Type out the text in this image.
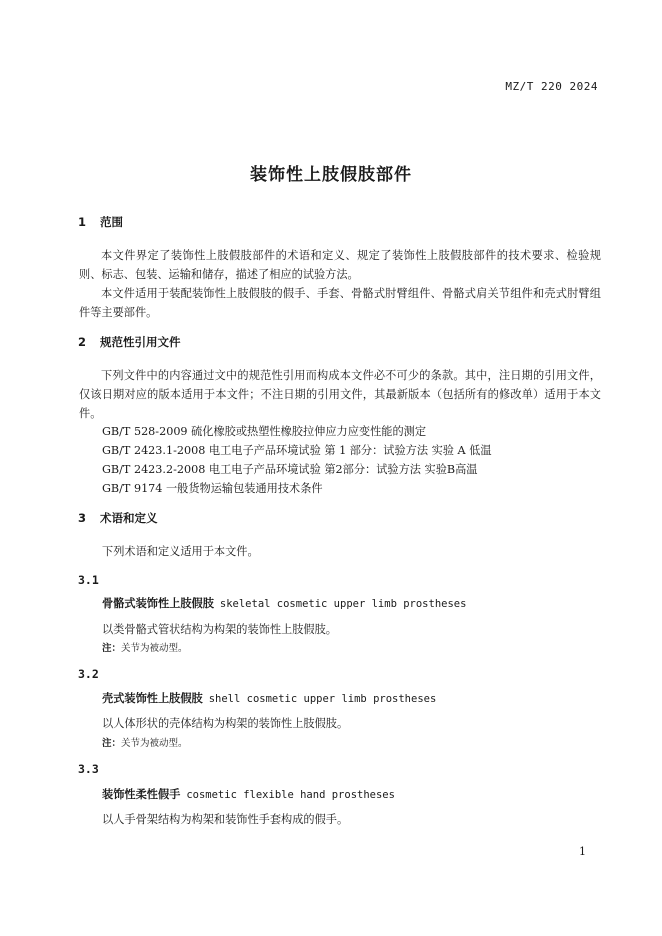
MZ/T 220 2024
装饰性上肢假肢部件
1 范围
本文件界定了装饰性上肢假肢部件的术语和定义、规定了装饰性上肢假肢部件的技术要求、检验规则、标志、包装、运输和储存，描述了相应的试验方法。
本文件适用于装配装饰性上肢假肢的假手、手套、骨骼式肘臂组件、骨骼式肩关节组件和壳式肘臂组件等主要部件。
2 规范性引用文件
下列文件中的内容通过文中的规范性引用而构成本文件必不可少的条款。其中，注日期的引用文件，仅该日期对应的版本适用于本文件；不注日期的引用文件，其最新版本（包括所有的修改单）适用于本文件。
GB/T 528-2009 硫化橡胶或热塑性橡胶拉伸应力应变性能的测定
GB/T 2423.1-2008 电工电子产品环境试验 第 1 部分：试验方法 实验 A 低温
GB/T 2423.2-2008 电工电子产品环境试验 第2部分：试验方法 实验B高温
GB/T 9174 一般货物运输包装通用技术条件
3 术语和定义
下列术语和定义适用于本文件。
3.1
骨骼式装饰性上肢假肢 skeletal cosmetic upper limb prostheses
以类骨骼式管状结构为构架的装饰性上肢假肢。
注：关节为被动型。
3.2
壳式装饰性上肢假肢 shell cosmetic upper limb prostheses
以人体形状的壳体结构为构架的装饰性上肢假肢。
注：关节为被动型。
3.3
装饰性柔性假手 cosmetic flexible hand prostheses
以人手骨架结构为构架和装饰性手套构成的假手。
1
